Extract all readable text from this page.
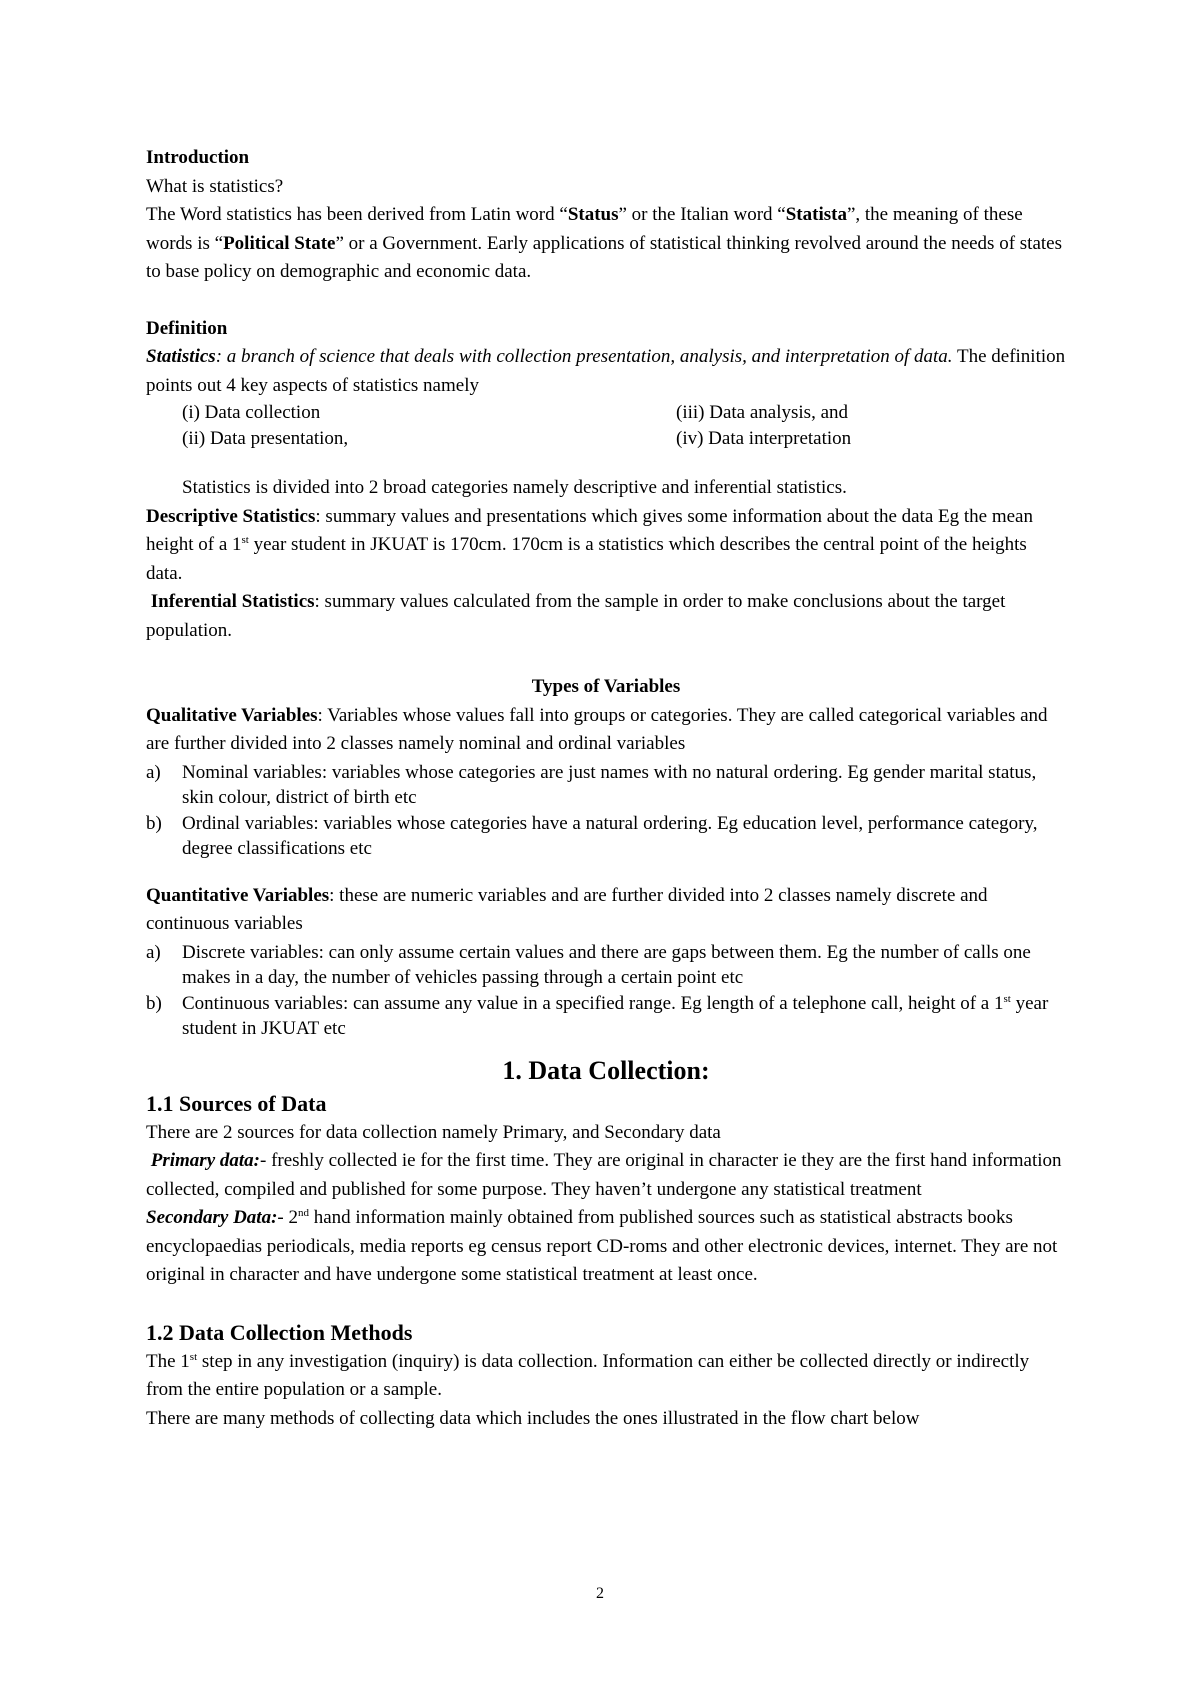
Introduction

What is statistics?

The Word statistics has been derived from Latin word “Status” or the Italian word “Statista”, the meaning of these words is “Political State” or a Government. Early applications of statistical thinking revolved around the needs of states to base policy on demographic and economic data.

Definition

Statistics: a branch of science that deals with collection presentation, analysis, and interpretation of data. The definition points out 4 key aspects of statistics namely

(i) Data collection	(iii) Data analysis, and
(ii) Data presentation,	(iv) Data interpretation

Statistics is divided into 2 broad categories namely descriptive and inferential statistics.

Descriptive Statistics: summary values and presentations which gives some information about the data Eg the mean height of a 1st year student in JKUAT is 170cm. 170cm is a statistics which describes the central point of the heights data.

Inferential Statistics: summary values calculated from the sample in order to make conclusions about the target population.

Types of Variables

Qualitative Variables: Variables whose values fall into groups or categories. They are called categorical variables and are further divided into 2 classes namely nominal and ordinal variables

a) Nominal variables: variables whose categories are just names with no natural ordering. Eg gender marital status, skin colour, district of birth etc
b) Ordinal variables: variables whose categories have a natural ordering. Eg education level, performance category, degree classifications etc

Quantitative Variables: these are numeric variables and are further divided into 2 classes namely discrete and continuous variables

a) Discrete variables: can only assume certain values and there are gaps between them. Eg the number of calls one makes in a day, the number of vehicles passing through a certain point etc
b) Continuous variables: can assume any value in a specified range. Eg length of a telephone call, height of a 1st year student in JKUAT etc

1. Data Collection:

1.1 Sources of Data

There are 2 sources for data collection namely Primary, and Secondary data

Primary data:- freshly collected ie for the first time. They are original in character ie they are the first hand information collected, compiled and published for some purpose. They haven’t undergone any statistical treatment

Secondary Data:- 2nd hand information mainly obtained from published sources such as statistical abstracts books encyclopaedias periodicals, media reports eg census report CD-roms and other electronic devices, internet. They are not original in character and have undergone some statistical treatment at least once.

1.2 Data Collection Methods

The 1st step in any investigation (inquiry) is data collection. Information can either be collected directly or indirectly from the entire population or a sample.

There are many methods of collecting data which includes the ones illustrated in the flow chart below

2
